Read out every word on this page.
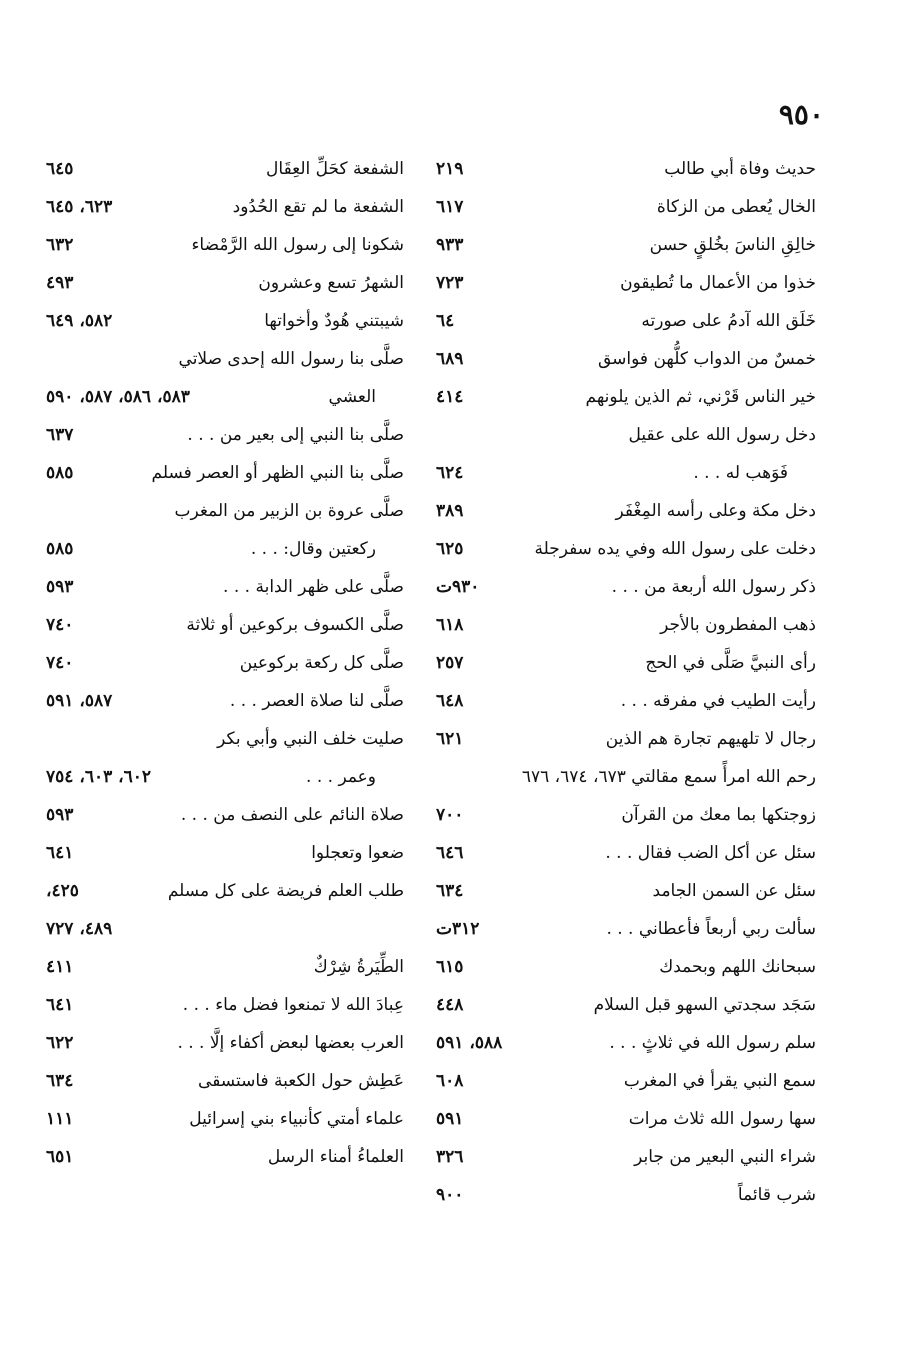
٩٥٠
حديث وفاة أبي طالب
٢١٩
الخال يُعطى من الزكاة
٦١٧
خالِقِ الناسَ بخُلقٍ حسن
٩٣٣
خذوا من الأعمال ما تُطيقون
٧٢٣
خَلَق الله آدمُ على صورته
٦٤
خمسٌ من الدواب كلُّهن فواسق
٦٨٩
خير الناس قَرْني، ثم الذين يلونهم
٤١٤
دخل رسول الله على عقيل
فَوَهب له . . .
٦٢٤
دخل مكة وعلى رأسه المِغْفَر
٣٨٩
دخلت على رسول الله وفي يده سفرجلة
٦٢٥
ذكر رسول الله أربعة من . . .
٩٣٠ت
ذهب المفطرون بالأجر
٦١٨
رأى النبيَّ صَلَّى في الحج
٢٥٧
رأيت الطيب في مفرقه . . .
٦٤٨
رجال لا تلهيهم تجارة هم الذين
٦٢١
رحم الله امرأً سمع مقالتي ٦٧٣، ٦٧٤، ٦٧٦
زوجتكها بما معك من القرآن
٧٠٠
سئل عن أكل الضب فقال . . .
٦٤٦
سئل عن السمن الجامد
٦٣٤
سألت ربي أربعاً فأعطاني . . .
٣١٢ت
سبحانك اللهم وبحمدك
٦١٥
سَجَد سجدتي السهو قبل السلام
٤٤٨
سلم رسول الله في ثلاثٍ . . .
٥٨٨، ٥٩١
سمع النبي يقرأ في المغرب
٦٠٨
سها رسول الله ثلاث مرات
٥٩١
شراء النبي البعير من جابر
٣٢٦
شرب قائماً
٩٠٠
الشفعة كحَلِّ العِقَال
٦٤٥
الشفعة ما لم تقع الحُدُود
٦٢٣، ٦٤٥
شكونا إلى رسول الله الرَّمْضاء
٦٣٢
الشهرُ تسع وعشرون
٤٩٣
شيبتني هُودٌ وأخواتها
٥٨٢، ٦٤٩
صلَّى بنا رسول الله إحدى صلاتي
العشي
٥٨٣، ٥٨٦، ٥٨٧، ٥٩٠
صلَّى بنا النبي إلى بعير من . . .
٦٣٧
صلَّى بنا النبي الظهر أو العصر فسلم
٥٨٥
صلَّى عروة بن الزبير من المغرب
ركعتين وقال: . . .
٥٨٥
صلَّى على ظهر الدابة . . .
٥٩٣
صلَّى الكسوف بركوعين أو ثلاثة
٧٤٠
صلَّى كل ركعة بركوعين
٧٤٠
صلَّى لنا صلاة العصر . . .
٥٨٧، ٥٩١
صليت خلف النبي وأبي بكر
وعمر . . .
٦٠٢، ٦٠٣، ٧٥٤
صلاة النائم على النصف من . . .
٥٩٣
ضعوا وتعجلوا
٦٤١
طلب العلم فريضة على كل مسلم
٤٢٥،
٤٨٩، ٧٢٧
الطِّيَرةُ شِرْكٌ
٤١١
عِبادَ الله لا تمنعوا فضل ماء . . .
٦٤١
العرب بعضها لبعض أكفاء إلَّا . . .
٦٢٢
عَطِش حول الكعبة فاستسقى
٦٣٤
علماء أمتي كأنبياء بني إسرائيل
١١١
العلماءُ أمناء الرسل
٦٥١
